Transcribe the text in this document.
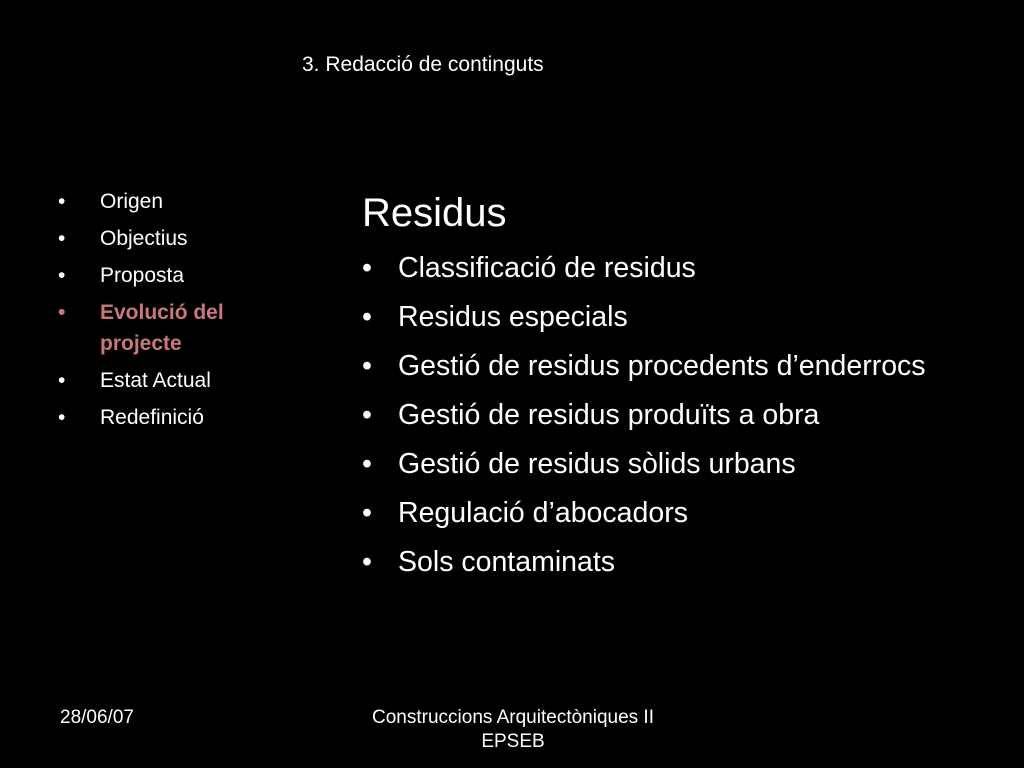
3. Redacció de continguts
• Origen
• Objectius
• Proposta
• Evolució del projecte
• Estat Actual
• Redefinició
Residus
• Classificació de residus
• Residus especials
• Gestió de residus procedents d’enderrocs
• Gestió de residus produïts a obra
• Gestió de residus sòlids urbans
• Regulació d’abocadors
• Sols contaminats
28/06/07	Construccions Arquitectòniques II
EPSEB
